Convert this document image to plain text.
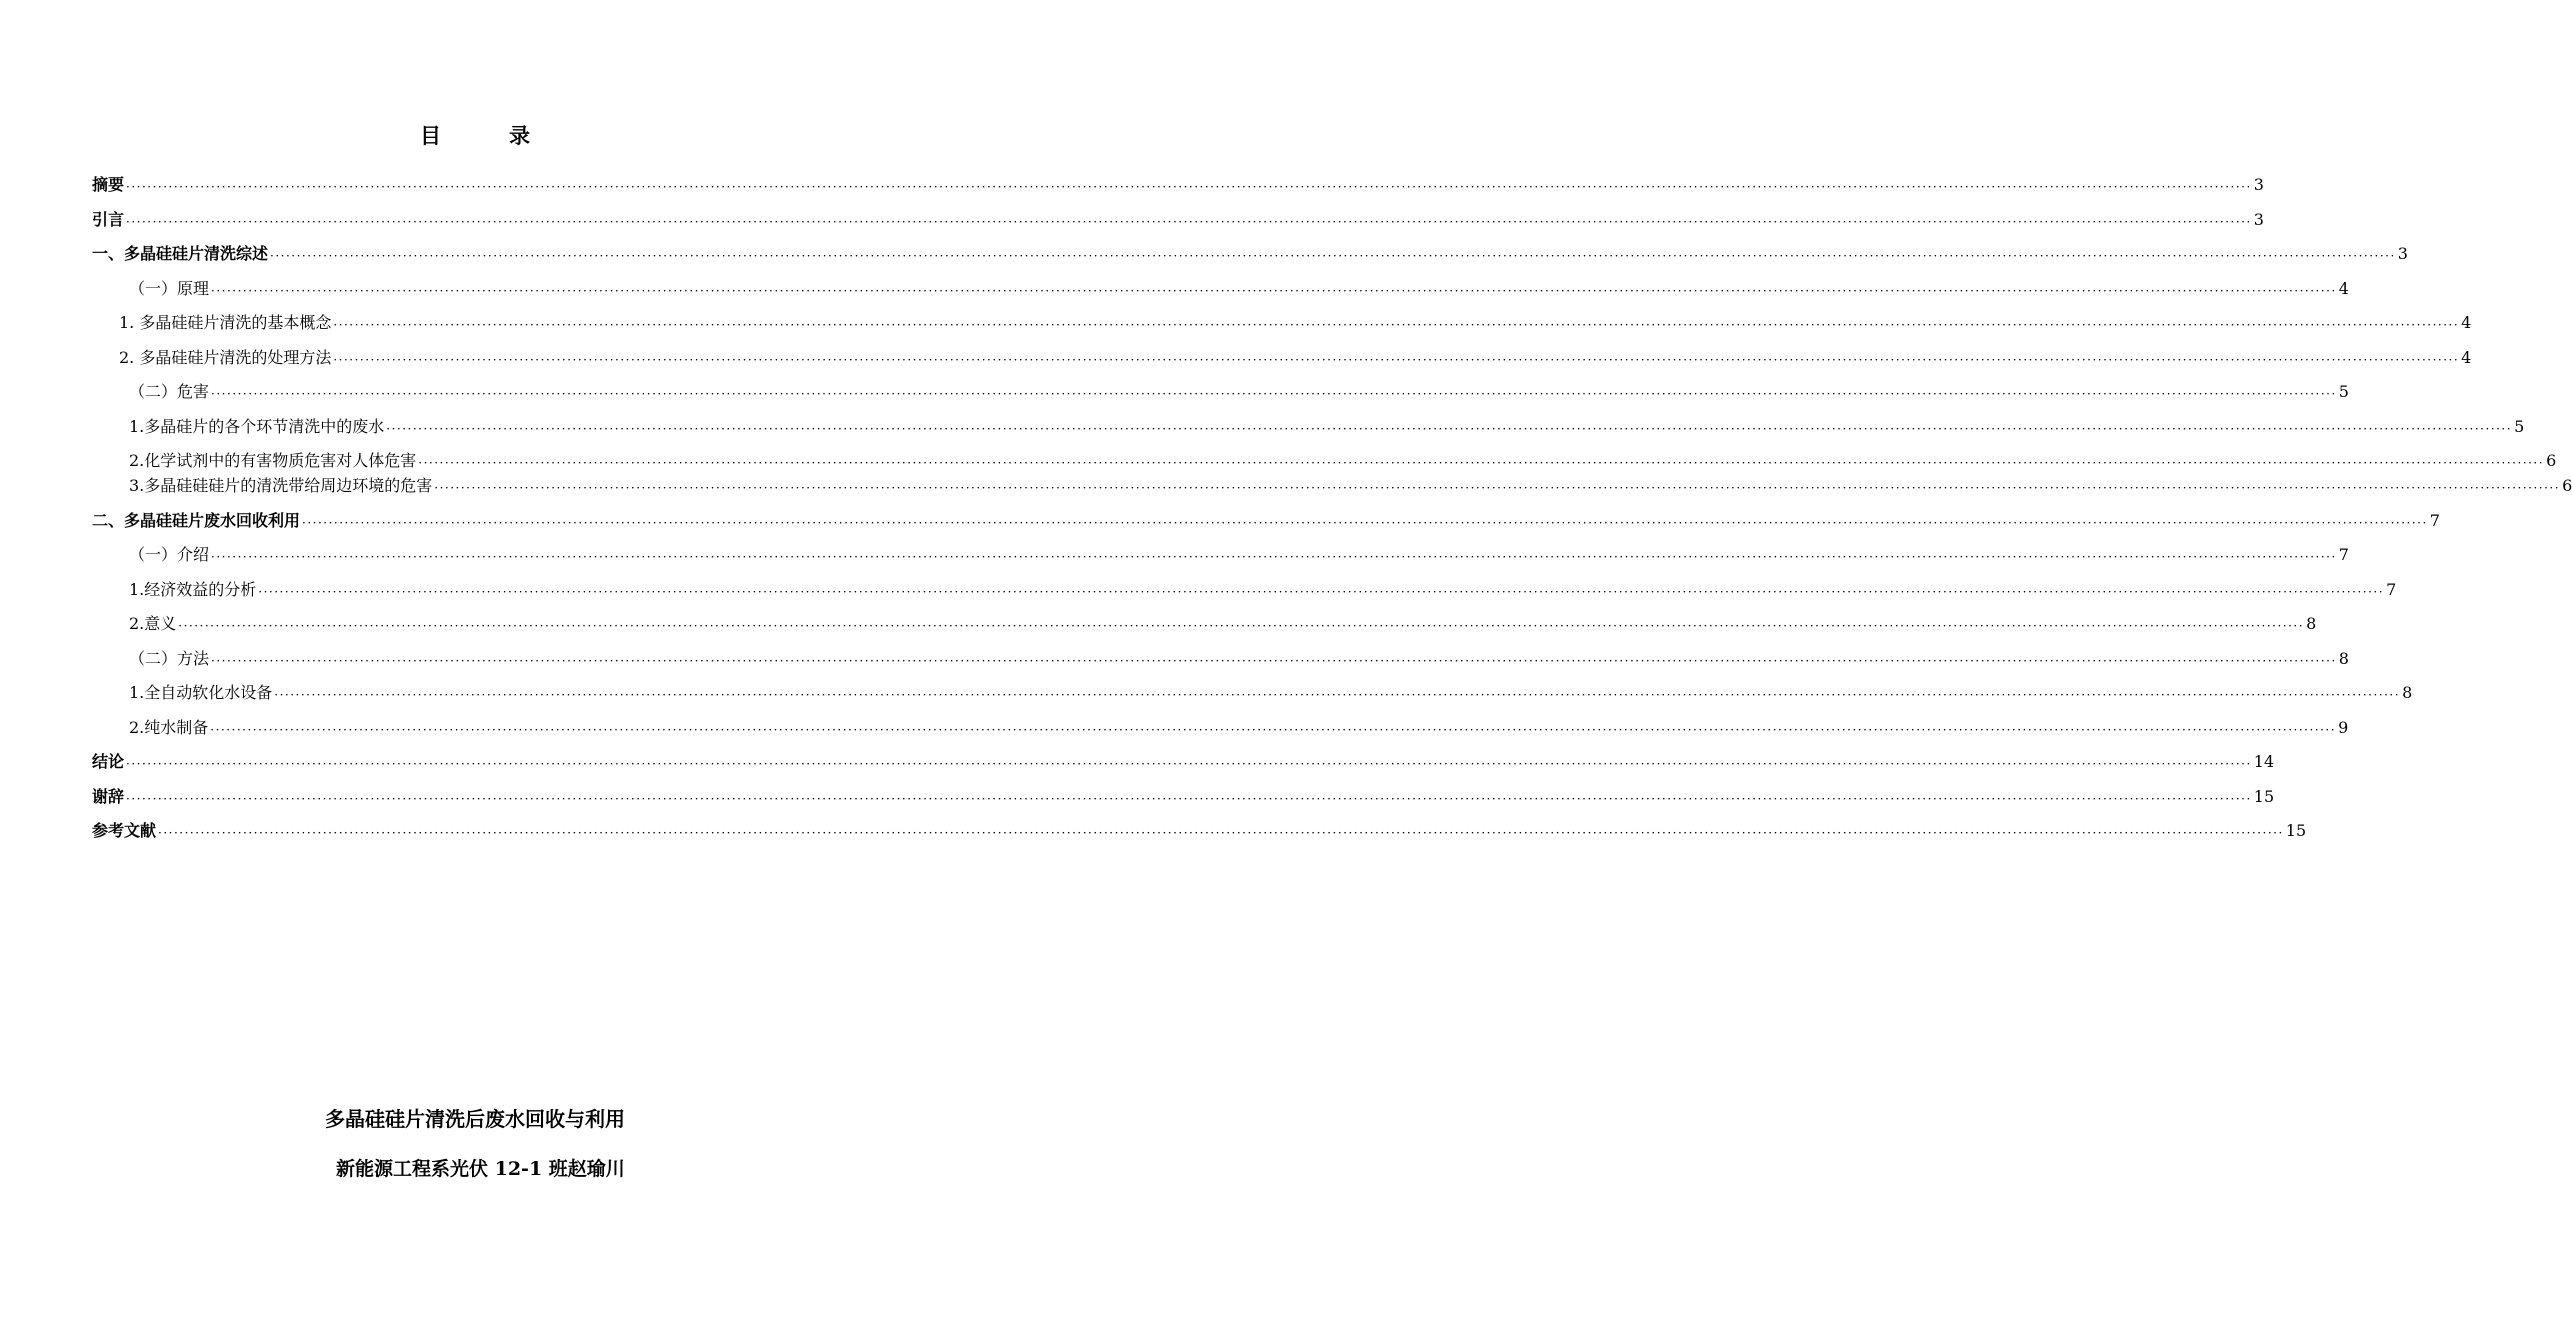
目录
摘要 ················································································································································································································································································································································································································ 3
引言 ················································································································································································································································································································································································································ 3
一、多晶硅硅片清洗综述 ················································································································································································································································································································································································································ 3
（一）原理 ················································································································································································································································································································································································································ 4
1. 多晶硅硅片清洗的基本概念 ················································································································································································································································································································································································································ 4
2. 多晶硅硅片清洗的处理方法 ················································································································································································································································································································································································································ 4
（二）危害 ················································································································································································································································································································································································································ 5
1.多晶硅片的各个环节清洗中的废水 ················································································································································································································································································································································································································ 5
2.化学试剂中的有害物质危害对人体危害 ················································································································································································································································································································································································································ 6
3.多晶硅硅硅片的清洗带给周边环境的危害 ················································································································································································································································································································································································································ 6
二、多晶硅硅片废水回收利用 ················································································································································································································································································································································································································ 7
（一）介绍 ················································································································································································································································································································································································································ 7
1.经济效益的分析 ················································································································································································································································································································································································································ 7
2.意义 ················································································································································································································································································································································································································ 8
（二）方法 ················································································································································································································································································································································································································ 8
1.全自动软化水设备 ················································································································································································································································································································································································································ 8
2.纯水制备 ················································································································································································································································································································································································································ 9
结论 ················································································································································································································································································································································································································ 14
谢辞 ················································································································································································································································································································································································································ 15
参考文献 ················································································································································································································································································································································································································ 15
多晶硅硅片清洗后废水回收与利用
新能源工程系光伏 12-1 班赵瑜川
